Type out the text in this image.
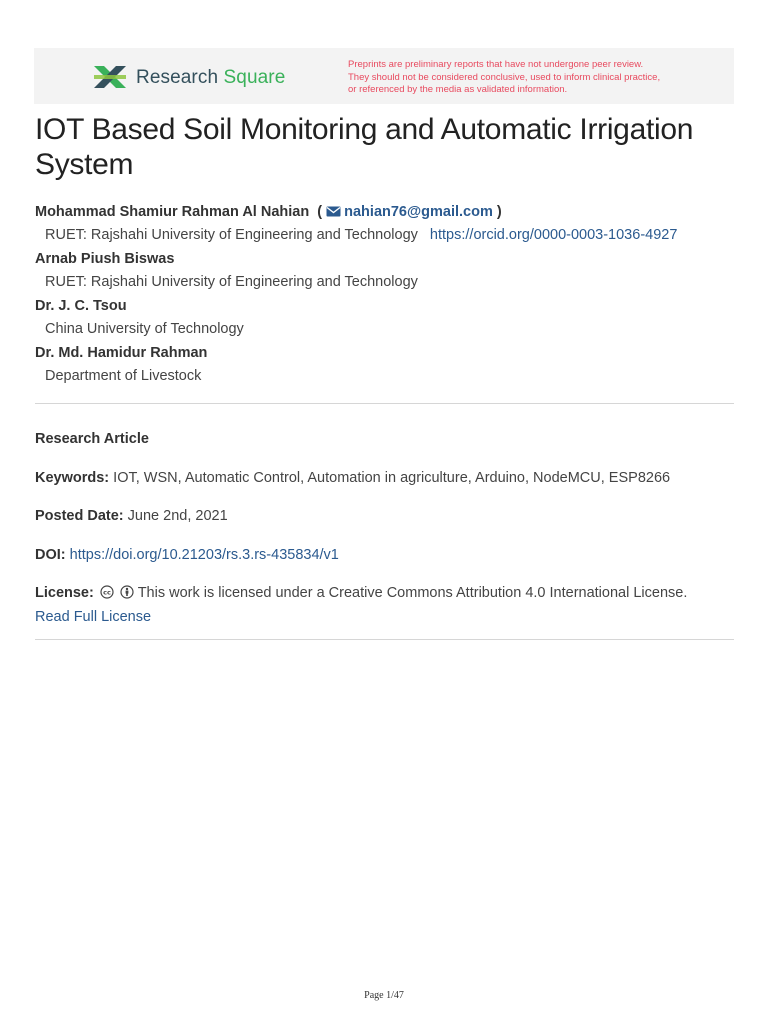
Research Square
Preprints are preliminary reports that have not undergone peer review.
They should not be considered conclusive, used to inform clinical practice,
or referenced by the media as validated information.
IOT Based Soil Monitoring and Automatic Irrigation System
Mohammad Shamiur Rahman Al Nahian  ( nahian76@gmail.com )
RUET: Rajshahi University of Engineering and Technology https://orcid.org/0000-0003-1036-4927
Arnab Piush Biswas
RUET: Rajshahi University of Engineering and Technology
Dr. J. C. Tsou
China University of Technology
Dr. Md. Hamidur Rahman
Department of Livestock
Research Article
Keywords: IOT, WSN, Automatic Control, Automation in agriculture, Arduino, NodeMCU, ESP8266
Posted Date: June 2nd, 2021
DOI: https://doi.org/10.21203/rs.3.rs-435834/v1
License: cc This work is licensed under a Creative Commons Attribution 4.0 International License.
Read Full License
Page 1/47
